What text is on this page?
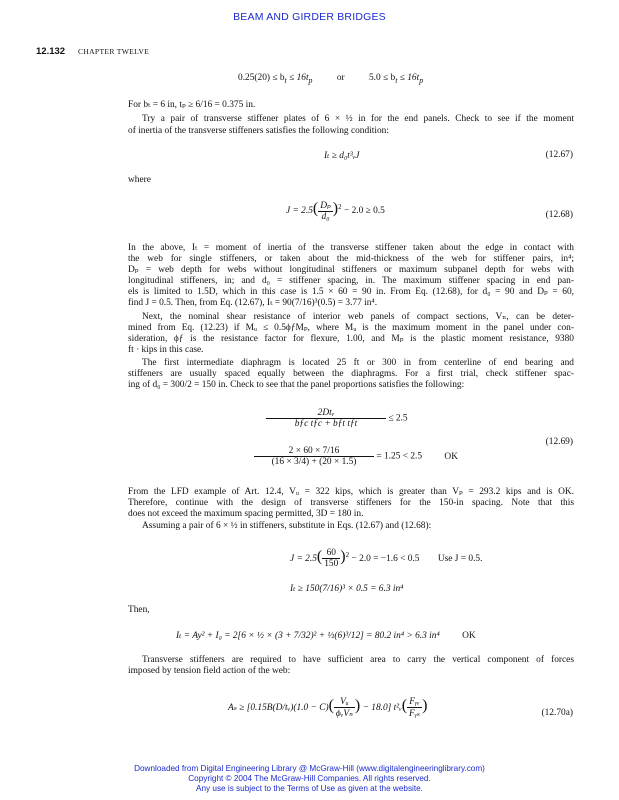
BEAM AND GIRDER BRIDGES
12.132 CHAPTER TWELVE
$0.25(20) \le b_t \le 16t_p$	or	$5.0 \le b_t \le 16t_p$
For bₜ = 6 in, tₚ ≥ 6/16 = 0.375 in.
Try a pair of transverse stiffener plates of 6 × ½ in for the end panels. Check to see if the moment
of inertia of the transverse stiffeners satisfies the following condition:
Iₜ ≥ d₀t³ᵥJ	(12.67)
where
$J = 2.5( \frac{\text{Dₚ}}{\text{d₀}} )^2 - 2.0 \ge 0.5$	(12.68)
In the above, Iₜ = moment of inertia of the transverse stiffener taken about the edge in contact with
the web for single stiffeners, or taken about the mid-thickness of the web for stiffener pairs, in⁴;
Dₚ = web depth for webs without longitudinal stiffeners or maximum subpanel depth for webs with
longitudinal stiffeners, in; and d₀ = stiffener spacing, in. The maximum stiffener spacing in end pan-
els is limited to 1.5D, which in this case is 1.5 × 60 = 90 in. From Eq. (12.68), for d₀ = 90 and Dₚ = 60,
find J = 0.5. Then, from Eq. (12.67), Iₜ = 90(7/16)³(0.5) = 3.77 in⁴.
Next, the nominal shear resistance of interior web panels of compact sections, Vₙ, can be deter-
mined from Eq. (12.23) if Mᵤ ≤ 0.5ϕƒMₚ, where Mᵤ is the maximum moment in the panel under con-
sideration, ϕƒ is the resistance factor for flexure, 1.00, and Mₚ is the plastic moment resistance, 9380
ft · kips in this case.
The first intermediate diaphragm is located 25 ft or 300 in from centerline of end bearing and
stiffeners are usually spaced equally between the diaphragms. For a first trial, check stiffener spac-
ing of d₀ = 300/2 = 150 in. Check to see that the panel proportions satisfies the following:
$\frac{\text{2Dtᵥ}}{\text{bƒc tƒc + bƒt tƒt}} \le 2.5$
$\frac{2 \times 60 \times 7/16}{(16 \times 3/4) + (20 \times 1.5)} = 1.25 < 2.5$ OK
(12.69)
From the LFD example of Art. 12.4, Vᵤ = 322 kips, which is greater than Vₚ = 293.2 kips and is OK.
Therefore, continue with the design of transverse stiffeners for the 150-in spacing. Note that this
does not exceed the maximum spacing permitted, 3D = 180 in.
Assuming a pair of 6 × ½ in stiffeners, substitute in Eqs. (12.67) and (12.68):
$J = 2.5( \frac{60}{150} )^2 - 2.0 = -1.6 < 0.5$ Use J = 0.5.
Iₜ ≥ 150(7/16)³ × 0.5 = 6.3 in⁴
Then,
Iₜ = Ay² + I₀ = 2[6 × ½ × (3 + 7/32)² + ½(6)³/12] = 80.2 in⁴ > 6.3 in⁴ OK
Transverse stiffeners are required to have sufficient area to carry the vertical component of forces
imposed by tension field action of the web:
Aₛ ≥ [0.15B(D/tᵥ)(1.0 − $C)( \frac{\text{Vᵤ}}{\text{ϕᵥVₙ}}$ ) − 18.0] t²ᵥ( $\frac{\text{Fᵧᵥ}}{\text{Fᵧₛ}}$ )	(12.70a)
Downloaded from Digital Engineering Library @ McGraw-Hill (www.digitalengineeringlibrary.com)
Copyright © 2004 The McGraw-Hill Companies. All rights reserved.
Any use is subject to the Terms of Use as given at the website.
